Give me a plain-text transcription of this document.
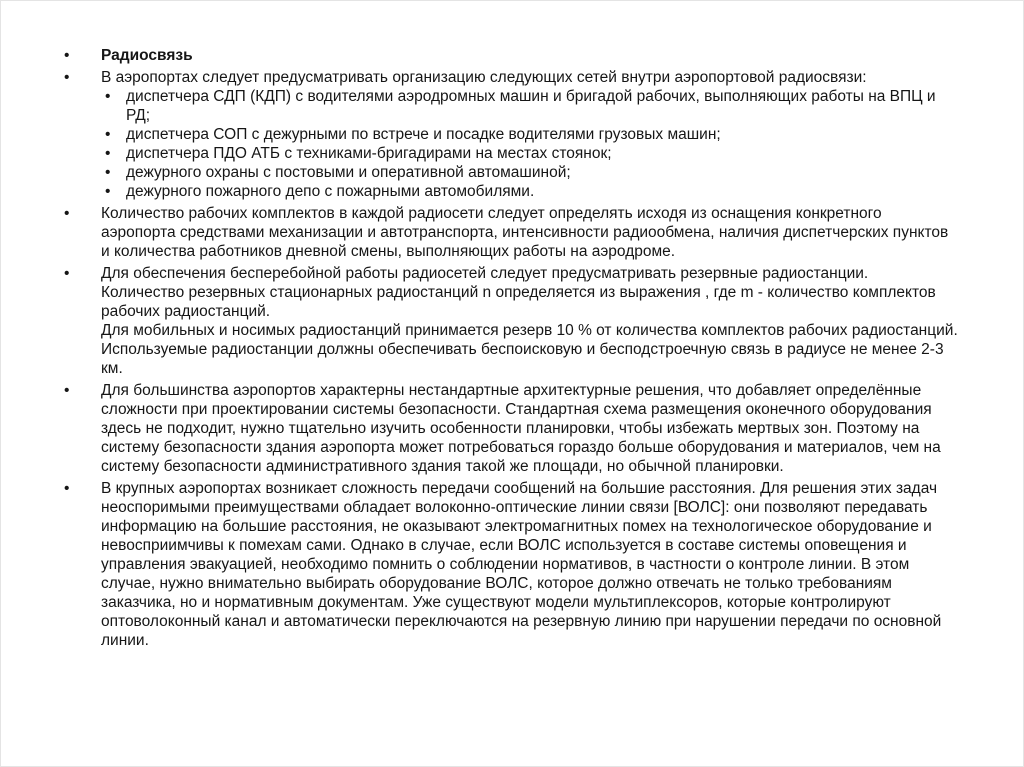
•	Радиосвязь
•	В аэропортах следует предусматривать организацию следующих сетей внутри аэропортовой радиосвязи:
•	диспетчера СДП (КДП) с водителями аэродромных машин и бригадой рабочих, выполняющих работы на ВПЦ и РД;
•	диспетчера СОП с дежурными по встрече и посадке водителями грузовых машин;
•	диспетчера ПДО АТБ с техниками-бригадирами на местах стоянок;
•	дежурного охраны с постовыми и оперативной автомашиной;
•	дежурного пожарного депо с пожарными автомобилями.
•	Количество рабочих комплектов в каждой радиосети следует определять исходя из оснащения конкретного аэропорта средствами механизации и автотранспорта, интенсивности радиообмена, наличия диспетчерских пунктов и количества работников дневной смены, выполняющих работы на аэродроме.
•	Для обеспечения бесперебойной работы радиосетей следует предусматривать резервные радиостанции.
Количество резервных стационарных радиостанций n определяется из выражения , где m - количество комплектов рабочих радиостанций.
Для мобильных и носимых радиостанций принимается резерв 10 % от количества комплектов рабочих радиостанций.
Используемые радиостанции должны обеспечивать беспоисковую и бесподстроечную связь в радиусе не менее 2-3 км.
•	Для большинства аэропортов характерны нестандартные архитектурные решения, что добавляет определённые сложности при проектировании системы безопасности. Стандартная схема размещения оконечного оборудования здесь не подходит, нужно тщательно изучить особенности планировки, чтобы избежать мертвых зон. Поэтому на систему безопасности здания аэропорта может потребоваться гораздо больше оборудования и материалов, чем на систему безопасности административного здания такой же площади, но обычной планировки.
•	В крупных аэропортах возникает сложность передачи сообщений на большие расстояния. Для решения этих задач неоспоримыми преимуществами обладает волоконно-оптические линии связи [ВОЛС]: они позволяют передавать информацию на большие расстояния, не оказывают электромагнитных помех на технологическое оборудование и невосприимчивы к помехам сами. Однако в случае, если ВОЛС используется в составе системы оповещения и управления эвакуацией, необходимо помнить о соблюдении нормативов, в частности о контроле линии. В этом случае, нужно внимательно выбирать оборудование ВОЛС, которое должно отвечать не только требованиям заказчика, но и нормативным документам. Уже существуют модели мультиплексоров, которые контролируют оптоволоконный канал и автоматически переключаются на резервную линию при нарушении передачи по основной линии.
